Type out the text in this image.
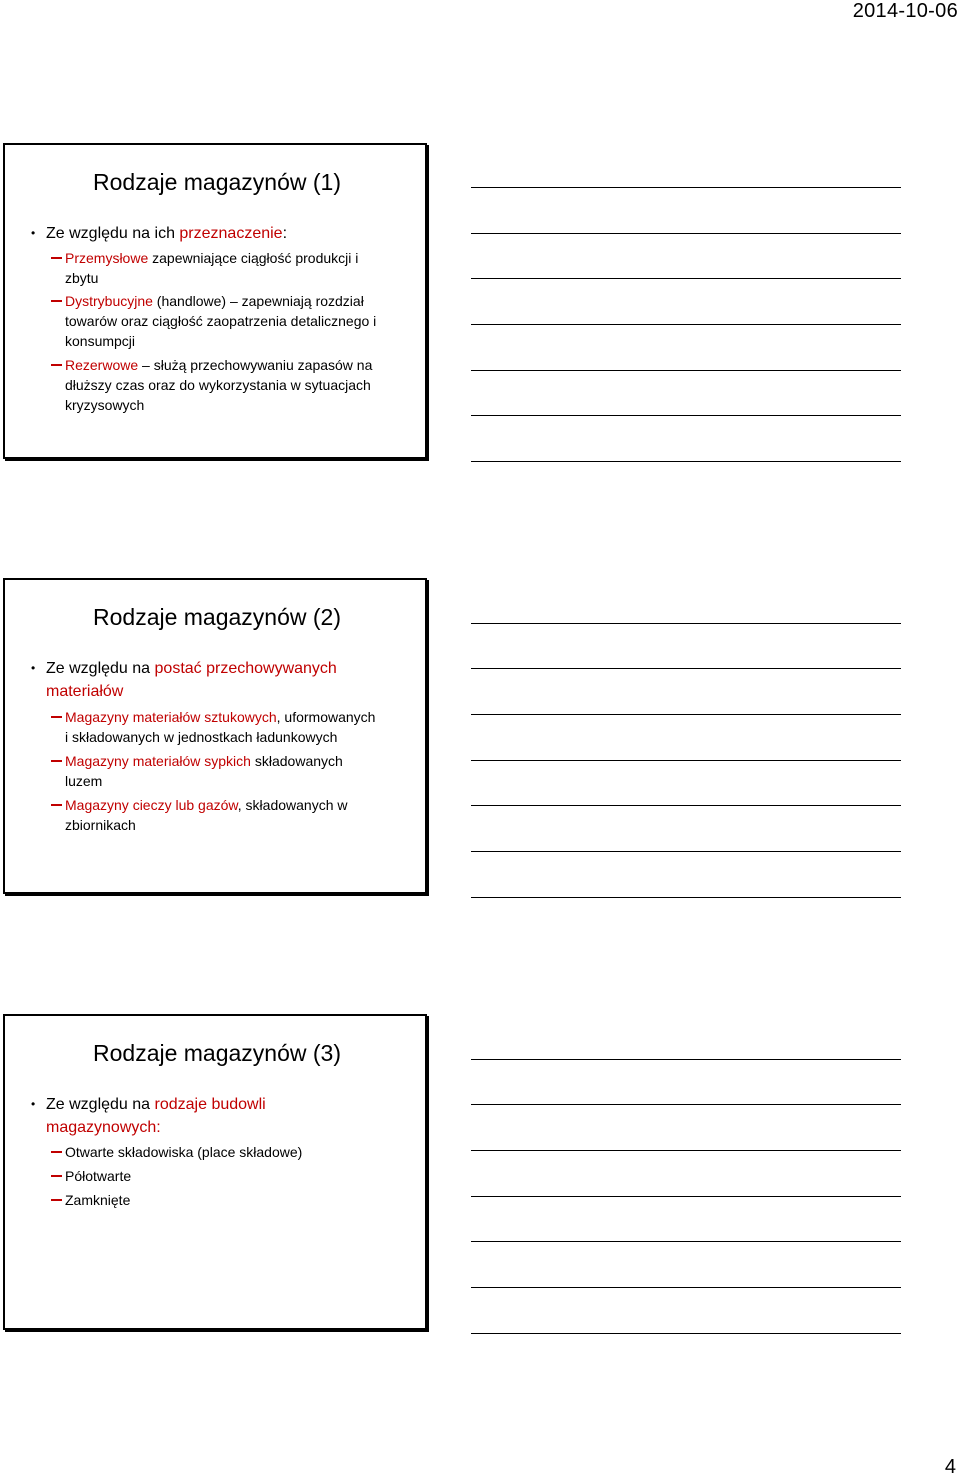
2014-10-06
Rodzaje magazynów (1)
• Ze względu na ich przeznaczenie:
Przemysłowe zapewniające ciągłość produkcji i
zbytu
Dystrybucyjne (handlowe) – zapewniają rozdział
towarów oraz ciągłość zaopatrzenia detalicznego i
konsumpcji
Rezerwowe – służą przechowywaniu zapasów na
dłuższy czas oraz do wykorzystania w sytuacjach
kryzysowych
Rodzaje magazynów (2)
• Ze względu na postać przechowywanych
materiałów
Magazyny materiałów sztukowych, uformowanych
i składowanych w jednostkach ładunkowych
Magazyny materiałów sypkich składowanych
luzem
Magazyny cieczy lub gazów, składowanych w
zbiornikach
Rodzaje magazynów (3)
• Ze względu na rodzaje budowli
magazynowych:
Otwarte składowiska (place składowe)
Półotwarte
Zamknięte
4
